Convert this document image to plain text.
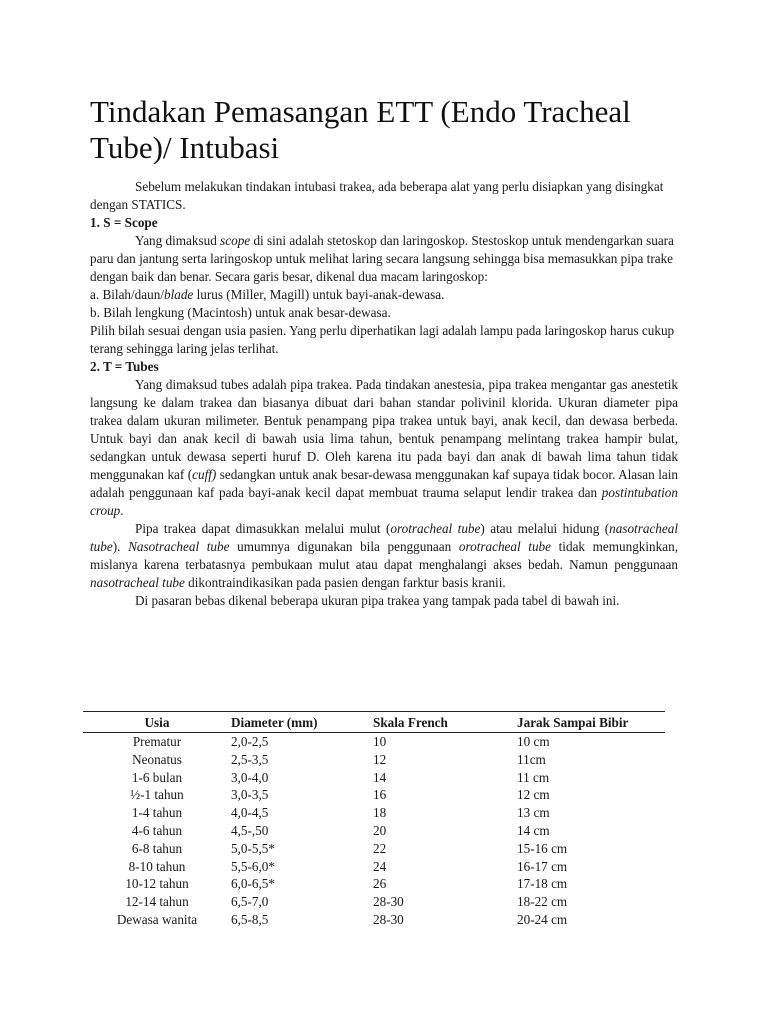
Tindakan Pemasangan ETT (Endo Tracheal Tube)/ Intubasi

Sebelum melakukan tindakan intubasi trakea, ada beberapa alat yang perlu disiapkan yang disingkat dengan STATICS.

1. S = Scope

Yang dimaksud scope di sini adalah stetoskop dan laringoskop. Stestoskop untuk mendengarkan suara paru dan jantung serta laringoskop untuk melihat laring secara langsung sehingga bisa memasukkan pipa trake dengan baik dan benar. Secara garis besar, dikenal dua macam laringoskop:

a. Bilah/daun/blade lurus (Miller, Magill) untuk bayi-anak-dewasa.

b. Bilah lengkung (Macintosh) untuk anak besar-dewasa.

Pilih bilah sesuai dengan usia pasien. Yang perlu diperhatikan lagi adalah lampu pada laringoskop harus cukup terang sehingga laring jelas terlihat.

2. T = Tubes

Yang dimaksud tubes adalah pipa trakea. Pada tindakan anestesia, pipa trakea mengantar gas anestetik langsung ke dalam trakea dan biasanya dibuat dari bahan standar polivinil klorida. Ukuran diameter pipa trakea dalam ukuran milimeter. Bentuk penampang pipa trakea untuk bayi, anak kecil, dan dewasa berbeda. Untuk bayi dan anak kecil di bawah usia lima tahun, bentuk penampang melintang trakea hampir bulat, sedangkan untuk dewasa seperti huruf D. Oleh karena itu pada bayi dan anak di bawah lima tahun tidak menggunakan kaf (cuff) sedangkan untuk anak besar-dewasa menggunakan kaf supaya tidak bocor. Alasan lain adalah penggunaan kaf pada bayi-anak kecil dapat membuat trauma selaput lendir trakea dan postintubation croup.

Pipa trakea dapat dimasukkan melalui mulut (orotracheal tube) atau melalui hidung (nasotracheal tube). Nasotracheal tube umumnya digunakan bila penggunaan orotracheal tube tidak memungkinkan, mislanya karena terbatasnya pembukaan mulut atau dapat menghalangi akses bedah. Namun penggunaan nasotracheal tube dikontraindikasikan pada pasien dengan farktur basis kranii.

Di pasaran bebas dikenal beberapa ukuran pipa trakea yang tampak pada tabel di bawah ini.

Usia	Diameter (mm)	Skala French	Jarak Sampai Bibir
Prematur	2,0-2,5	10	10 cm
Neonatus	2,5-3,5	12	11cm
1-6 bulan	3,0-4,0	14	11 cm
½-1 tahun	3,0-3,5	16	12 cm
1-4 tahun	4,0-4,5	18	13 cm
4-6 tahun	4,5-,50	20	14 cm
6-8 tahun	5,0-5,5*	22	15-16 cm
8-10 tahun	5,5-6,0*	24	16-17 cm
10-12 tahun	6,0-6,5*	26	17-18 cm
12-14 tahun	6,5-7,0	28-30	18-22 cm
Dewasa wanita	6,5-8,5	28-30	20-24 cm
